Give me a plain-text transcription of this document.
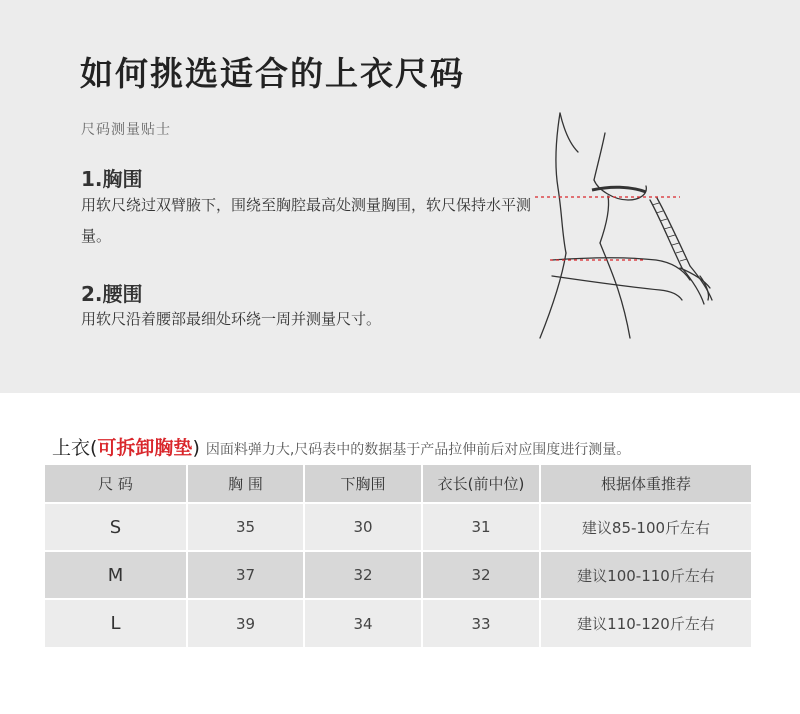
如何挑选适合的上衣尺码
尺码测量贴士
1.胸围
用软尺绕过双臂腋下，围绕至胸腔最高处测量胸围，软尺保持水平测量。
2.腰围
用软尺沿着腰部最细处环绕一周并测量尺寸。
上衣(可拆卸胸垫) 因面料弹力大,尺码表中的数据基于产品拉伸前后对应围度进行测量。
尺 码	胸 围	下胸围	衣长(前中位)	根据体重推荐
S	35	30	31	建议85-100斤左右
M	37	32	32	建议100-110斤左右
L	39	34	33	建议110-120斤左右
